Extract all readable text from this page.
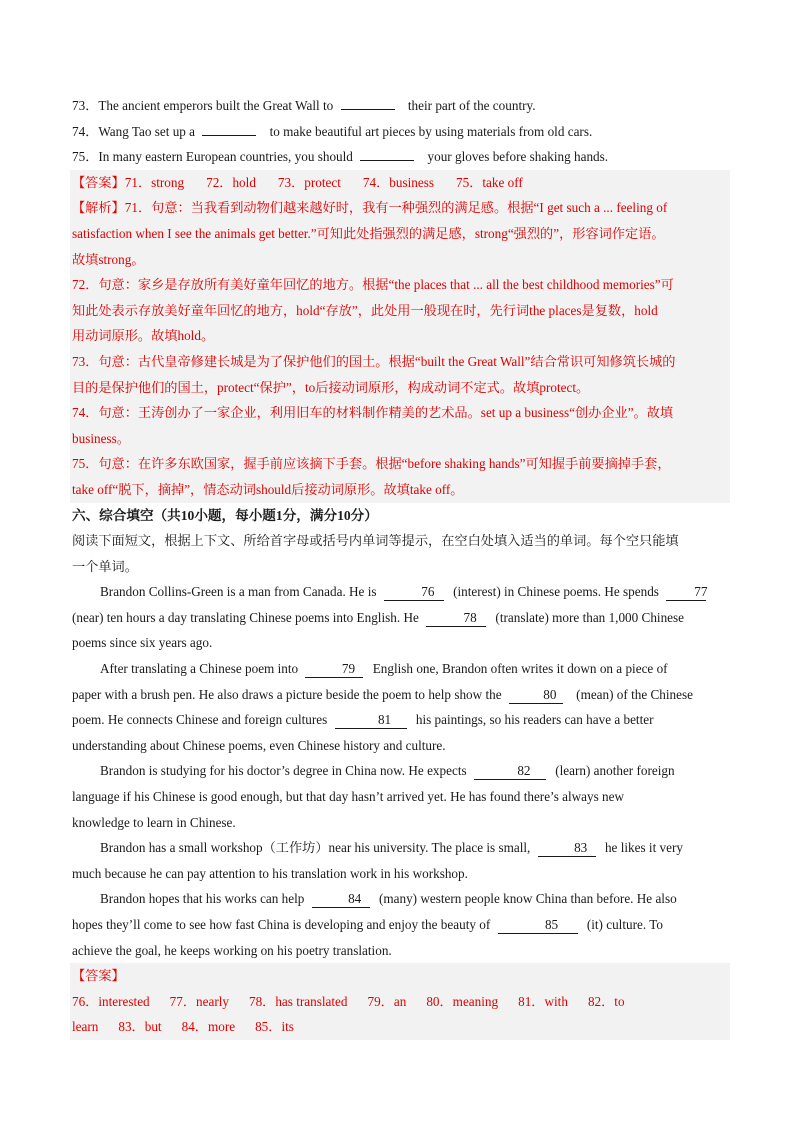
73．The ancient emperors built the Great Wall to	their part of the country.

74．Wang Tao set up a	to make beautiful art pieces by using materials from old cars.

75．In many eastern European countries, you should	your gloves before shaking hands.

【答案】71．strong 72．hold 73．protect 74．business 75．take off

【解析】71．句意：当我看到动物们越来越好时，我有一种强烈的满足感。根据“I get such a ... feeling of
satisfaction when I see the animals get better.”可知此处指强烈的满足感，strong“强烈的”，形容词作定语。
故填strong。

72．句意：家乡是存放所有美好童年回忆的地方。根据“the places that ... all the best childhood memories”可
知此处表示存放美好童年回忆的地方，hold“存放”，此处用一般现在时，先行词the places是复数，hold
用动词原形。故填hold。

73．句意：古代皇帝修建长城是为了保护他们的国土。根据“built the Great Wall”结合常识可知修筑长城的
目的是保护他们的国土，protect“保护”，to后接动词原形，构成动词不定式。故填protect。

74．句意：王涛创办了一家企业，利用旧车的材料制作精美的艺术品。set up a business“创办企业”。故填
business。

75．句意：在许多东欧国家，握手前应该摘下手套。根据“before shaking hands”可知握手前要摘掉手套，
take off“脱下，摘掉”，情态动词should后接动词原形。故填take off。

六、综合填空（共10小题，每小题1分，满分10分）

阅读下面短文，根据上下文、所给首字母或括号内单词等提示，在空白处填入适当的单词。每个空只能填
一个单词。

Brandon Collins-Green is a man from Canada. He is	76 (interest) in Chinese poems. He spends 77
(near) ten hours a day translating Chinese poems into English. He	78 (translate) more than 1,000 Chinese
poems since six years ago.

After translating a Chinese poem into	79 English one, Brandon often writes it down on a piece of
paper with a brush pen. He also draws a picture beside the poem to help show the	80 (mean) of the Chinese
poem. He connects Chinese and foreign cultures	81 his paintings, so his readers can have a better
understanding about Chinese poems, even Chinese history and culture.

Brandon is studying for his doctor’s degree in China now. He expects	82 (learn) another foreign
language if his Chinese is good enough, but that day hasn’t arrived yet. He has found there’s always new
knowledge to learn in Chinese.

Brandon has a small workshop（工作坊）near his university. The place is small,	83 he likes it very
much because he can pay attention to his translation work in his workshop.

Brandon hopes that his works can help	84 (many) western people know China than before. He also
hopes they’ll come to see how fast China is developing and enjoy the beauty of	85 (it) culture. To
achieve the goal, he keeps working on his poetry translation.

【答案】

76．interested 77．nearly 78．has translated 79．an 80．meaning 81．with 82．to
learn 83．but 84．more 85．its
